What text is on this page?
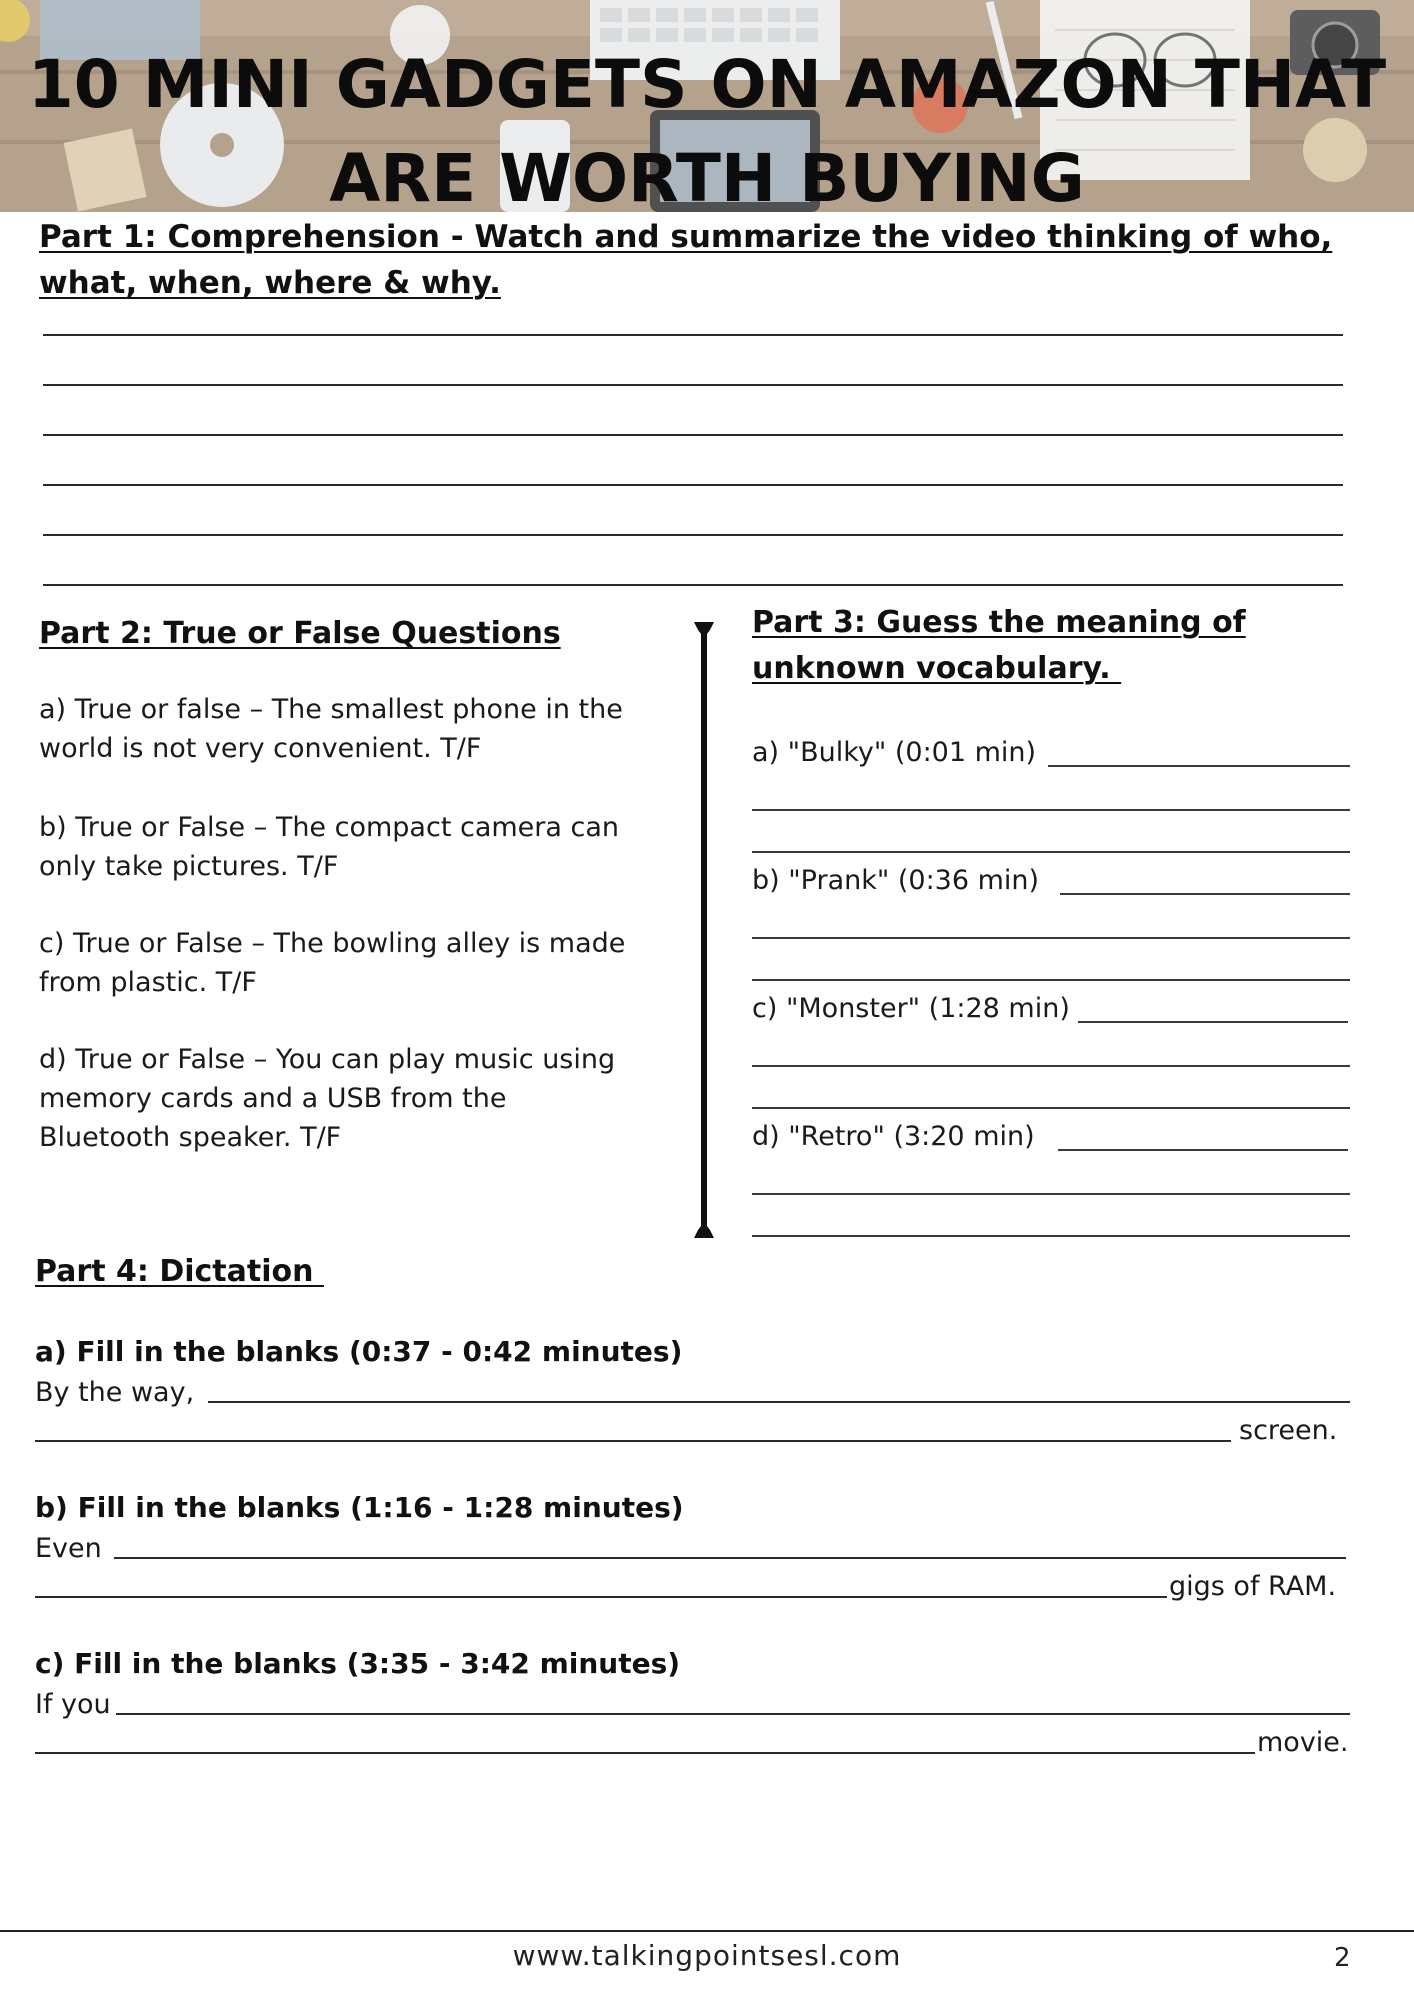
10 MINI GADGETS ON AMAZON THAT
ARE WORTH BUYING
Part 1: Comprehension - Watch and summarize the video thinking of who,
what, when, where & why.
Part 2: True or False Questions
a) True or false – The smallest phone in the
world is not very convenient. T/F
b) True or False – The compact camera can
only take pictures. T/F
c) True or False – The bowling alley is made
from plastic. T/F
d) True or False – You can play music using
memory cards and a USB from the
Bluetooth speaker. T/F
Part 3: Guess the meaning of
unknown vocabulary.
a) "Bulky" (0:01 min)
b) "Prank" (0:36 min)
c) "Monster" (1:28 min)
d) "Retro" (3:20 min)
Part 4: Dictation
a) Fill in the blanks (0:37 - 0:42 minutes)
By the way,
screen.
b) Fill in the blanks (1:16 - 1:28 minutes)
Even
gigs of RAM.
c) Fill in the blanks (3:35 - 3:42 minutes)
If you
movie.
www.talkingpointsesl.com	2
